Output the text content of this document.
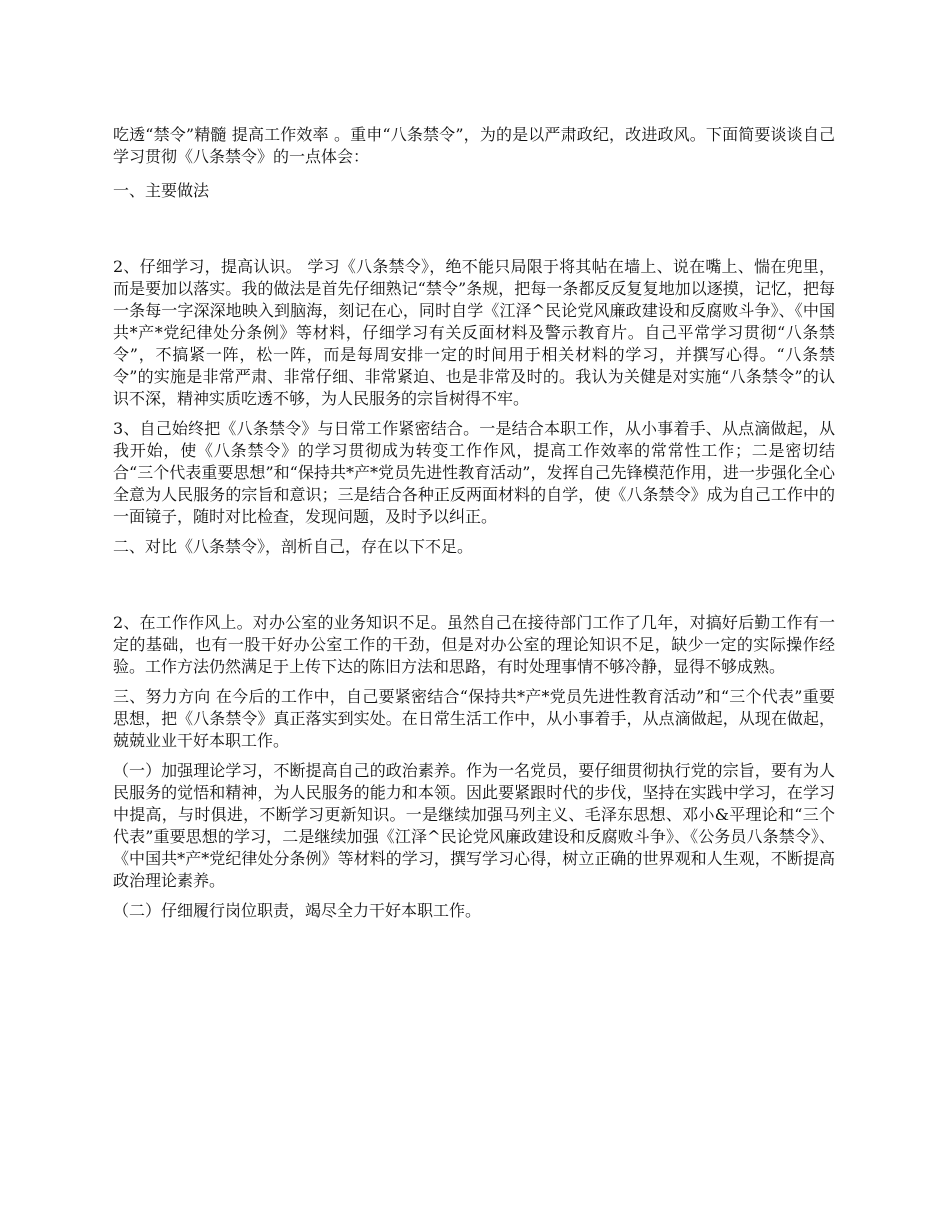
吃透“禁令”精髓 提高工作效率 。重申“八条禁令”，为的是以严肃政纪，改进政风。下面简要谈谈自己学习贯彻《八条禁令》的一点体会：

一、主要做法

2、仔细学习，提高认识。 学习《八条禁令》，绝不能只局限于将其帖在墙上、说在嘴上、惴在兜里，而是要加以落实。我的做法是首先仔细熟记“禁令”条规，把每一条都反反复复地加以逐摸，记忆，把每一条每一字深深地映入到脑海，刻记在心，同时自学《江泽^民论党风廉政建设和反腐败斗争》、《中国共*产*党纪律处分条例》等材料，仔细学习有关反面材料及警示教育片。自己平常学习贯彻“八条禁令”，不搞紧一阵，松一阵，而是每周安排一定的时间用于相关材料的学习，并撰写心得。“八条禁令”的实施是非常严肃、非常仔细、非常紧迫、也是非常及时的。我认为关健是对实施“八条禁令”的认识不深，精神实质吃透不够，为人民服务的宗旨树得不牢。

3、自己始终把《八条禁令》与日常工作紧密结合。一是结合本职工作，从小事着手、从点滴做起，从我开始，使《八条禁令》的学习贯彻成为转变工作作风，提高工作效率的常常性工作；二是密切结合“三个代表重要思想”和“保持共*产*党员先进性教育活动”，发挥自己先锋模范作用，进一步强化全心全意为人民服务的宗旨和意识；三是结合各种正反两面材料的自学，使《八条禁令》成为自己工作中的一面镜子，随时对比检查，发现问题，及时予以纠正。

二、对比《八条禁令》，剖析自己，存在以下不足。

2、在工作作风上。对办公室的业务知识不足。虽然自己在接待部门工作了几年，对搞好后勤工作有一定的基础，也有一股干好办公室工作的干劲，但是对办公室的理论知识不足，缺少一定的实际操作经验。工作方法仍然满足于上传下达的陈旧方法和思路，有时处理事情不够冷静，显得不够成熟。

三、努力方向 在今后的工作中，自己要紧密结合“保持共*产*党员先进性教育活动”和“三个代表”重要思想，把《八条禁令》真正落实到实处。在日常生活工作中，从小事着手，从点滴做起，从现在做起，兢兢业业干好本职工作。

（一）加强理论学习，不断提高自己的政治素养。作为一名党员，要仔细贯彻执行党的宗旨，要有为人民服务的觉悟和精神，为人民服务的能力和本领。因此要紧跟时代的步伐，坚持在实践中学习，在学习中提高，与时俱进，不断学习更新知识。一是继续加强马列主义、毛泽东思想、邓小&平理论和“三个代表”重要思想的学习，二是继续加强《江泽^民论党风廉政建设和反腐败斗争》、《公务员八条禁令》、《中国共*产*党纪律处分条例》等材料的学习，撰写学习心得，树立正确的世界观和人生观，不断提高政治理论素养。

（二）仔细履行岗位职责，竭尽全力干好本职工作。
